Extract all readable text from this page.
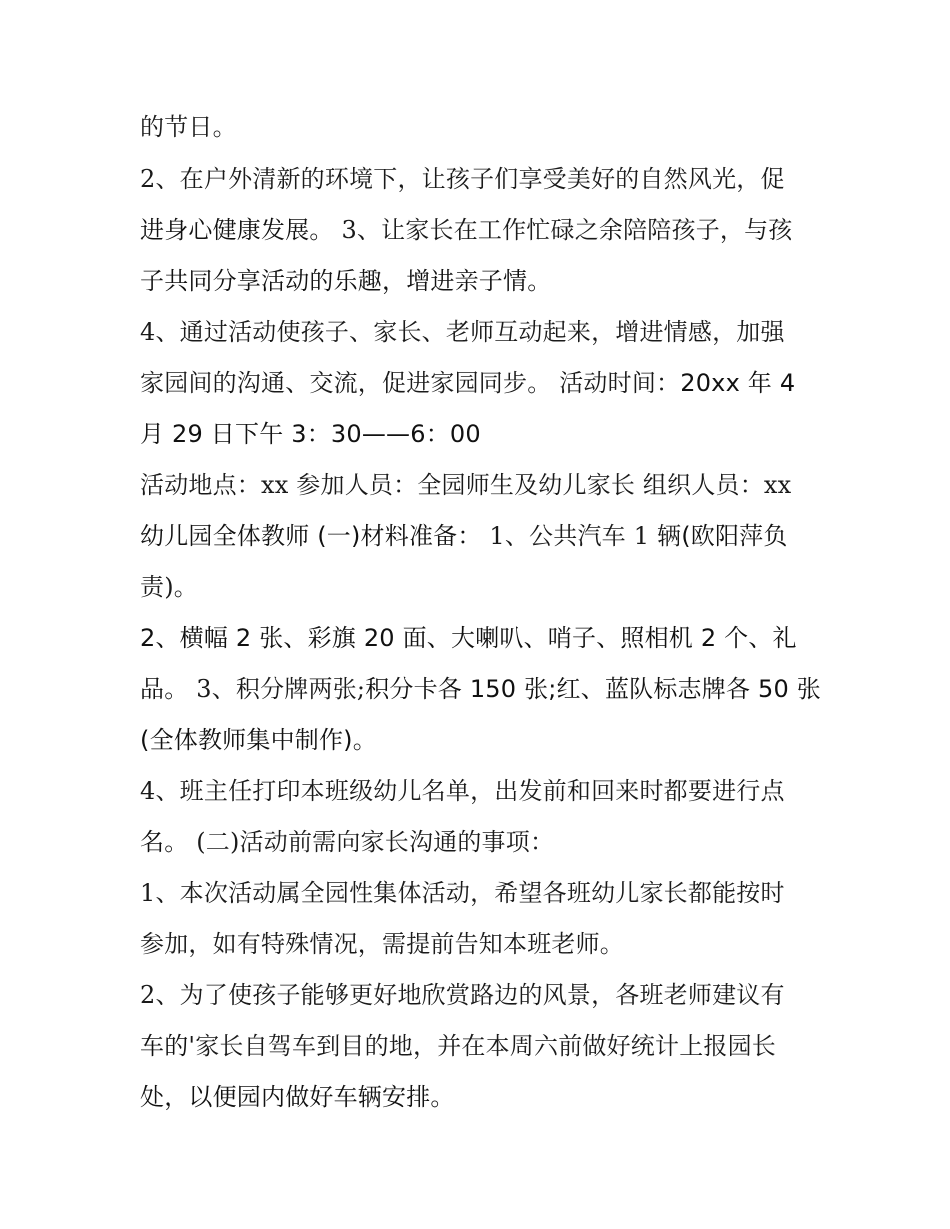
的节日。
2、在户外清新的环境下，让孩子们享受美好的自然风光，促
进身心健康发展。 3、让家长在工作忙碌之余陪陪孩子，与孩
子共同分享活动的乐趣，增进亲子情。
4、通过活动使孩子、家长、老师互动起来，增进情感，加强
家园间的沟通、交流，促进家园同步。 活动时间：20xx 年 4
月 29 日下午 3：30——6：00
活动地点：xx 参加人员：全园师生及幼儿家长 组织人员：xx
幼儿园全体教师 (一)材料准备： 1、公共汽车 1 辆(欧阳萍负
责)。
2、横幅 2 张、彩旗 20 面、大喇叭、哨子、照相机 2 个、礼
品。 3、积分牌两张;积分卡各 150 张;红、蓝队标志牌各 50 张
(全体教师集中制作)。
4、班主任打印本班级幼儿名单，出发前和回来时都要进行点
名。 (二)活动前需向家长沟通的事项：
1、本次活动属全园性集体活动，希望各班幼儿家长都能按时
参加，如有特殊情况，需提前告知本班老师。
2、为了使孩子能够更好地欣赏路边的风景，各班老师建议有
车的'家长自驾车到目的地，并在本周六前做好统计上报园长
处，以便园内做好车辆安排。
